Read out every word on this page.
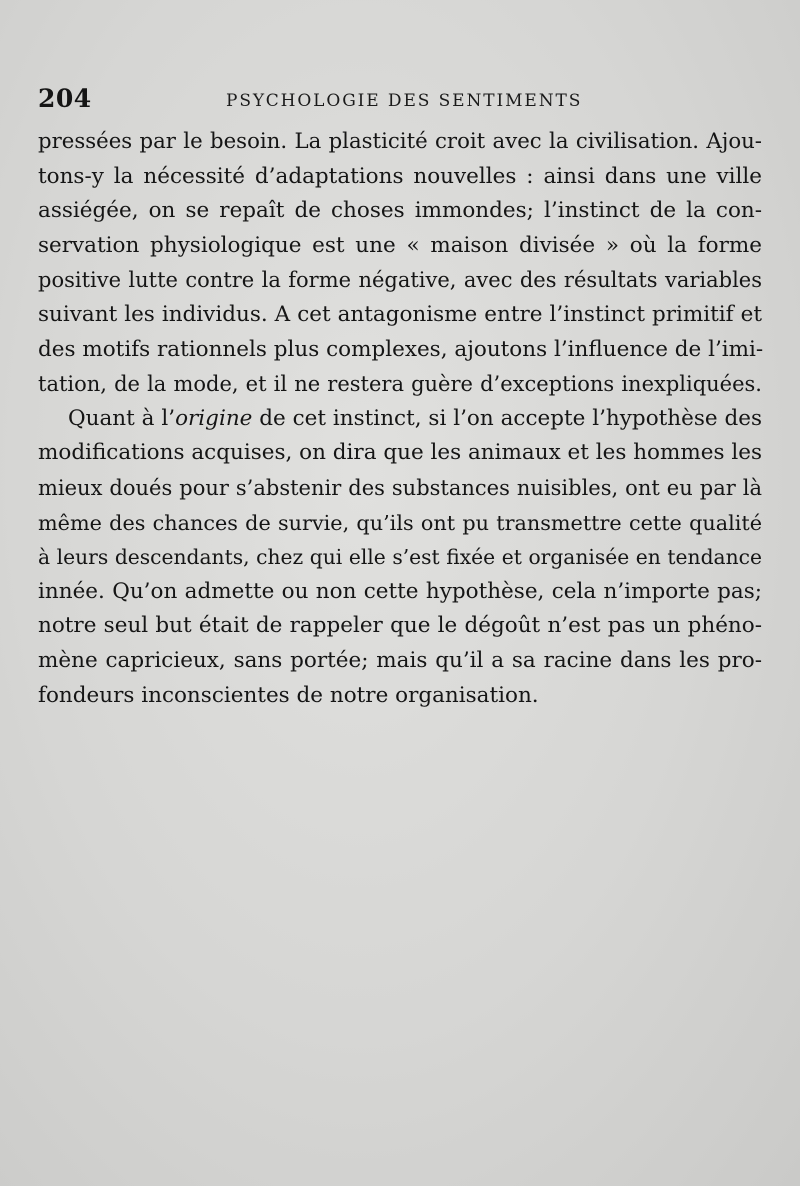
204	PSYCHOLOGIE DES SENTIMENTS
pressées par le besoin. La plasticité croit avec la civilisation. Ajou-
tons-y la nécessité d’adaptations nouvelles : ainsi dans une ville
assiégée, on se repaît de choses immondes; l’instinct de la con-
servation physiologique est une « maison divisée » où la forme
positive lutte contre la forme négative, avec des résultats variables
suivant les individus. A cet antagonisme entre l’instinct primitif et
des motifs rationnels plus complexes, ajoutons l’influence de l’imi-
tation, de la mode, et il ne restera guère d’exceptions inexpliquées.
Quant à l’origine de cet instinct, si l’on accepte l’hypothèse des
modifications acquises, on dira que les animaux et les hommes les
mieux doués pour s’abstenir des substances nuisibles, ont eu par là
même des chances de survie, qu’ils ont pu transmettre cette qualité
à leurs descendants, chez qui elle s’est fixée et organisée en tendance
innée. Qu’on admette ou non cette hypothèse, cela n’importe pas;
notre seul but était de rappeler que le dégoût n’est pas un phéno-
mène capricieux, sans portée; mais qu’il a sa racine dans les pro-
fondeurs inconscientes de notre organisation.
